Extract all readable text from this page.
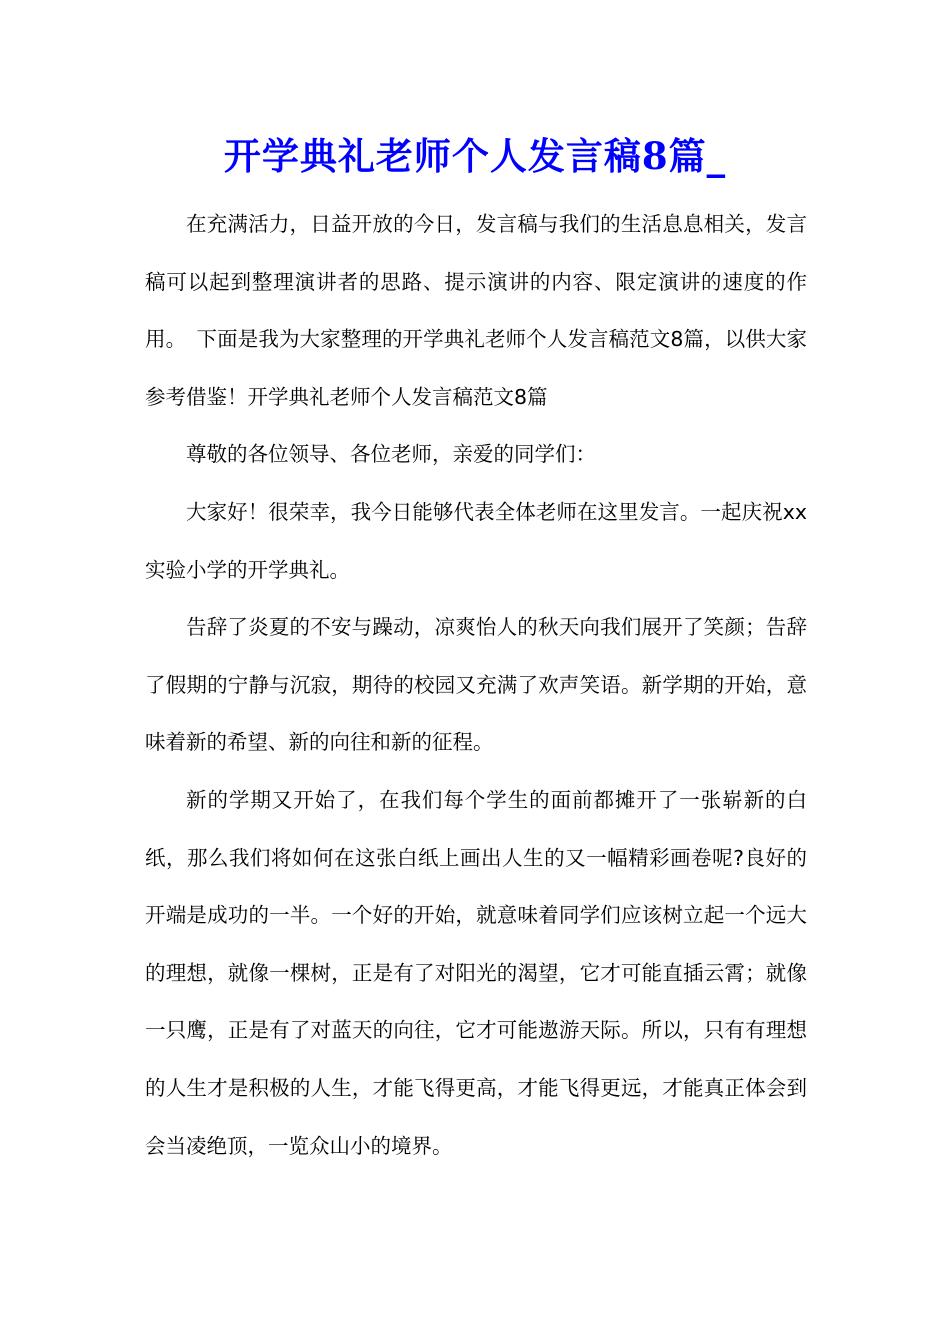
开学典礼老师个人发言稿8篇_

在充满活力，日益开放的今日，发言稿与我们的生活息息相关，发言稿可以起到整理演讲者的思路、提示演讲的内容、限定演讲的速度的作用。　下面是我为大家整理的开学典礼老师个人发言稿范文8篇，以供大家参考借鉴！开学典礼老师个人发言稿范文8篇

尊敬的各位领导、各位老师，亲爱的同学们：

大家好！很荣幸，我今日能够代表全体老师在这里发言。一起庆祝xx实验小学的开学典礼。

告辞了炎夏的不安与躁动，凉爽怡人的秋天向我们展开了笑颜；告辞了假期的宁静与沉寂，期待的校园又充满了欢声笑语。新学期的开始，意味着新的希望、新的向往和新的征程。

新的学期又开始了，在我们每个学生的面前都摊开了一张崭新的白纸，那么我们将如何在这张白纸上画出人生的又一幅精彩画卷呢?良好的开端是成功的一半。一个好的开始，就意味着同学们应该树立起一个远大的理想，就像一棵树，正是有了对阳光的渴望，它才可能直插云霄；就像一只鹰，正是有了对蓝天的向往，它才可能遨游天际。所以，只有有理想的人生才是积极的人生，才能飞得更高，才能飞得更远，才能真正体会到会当凌绝顶，一览众山小的境界。
